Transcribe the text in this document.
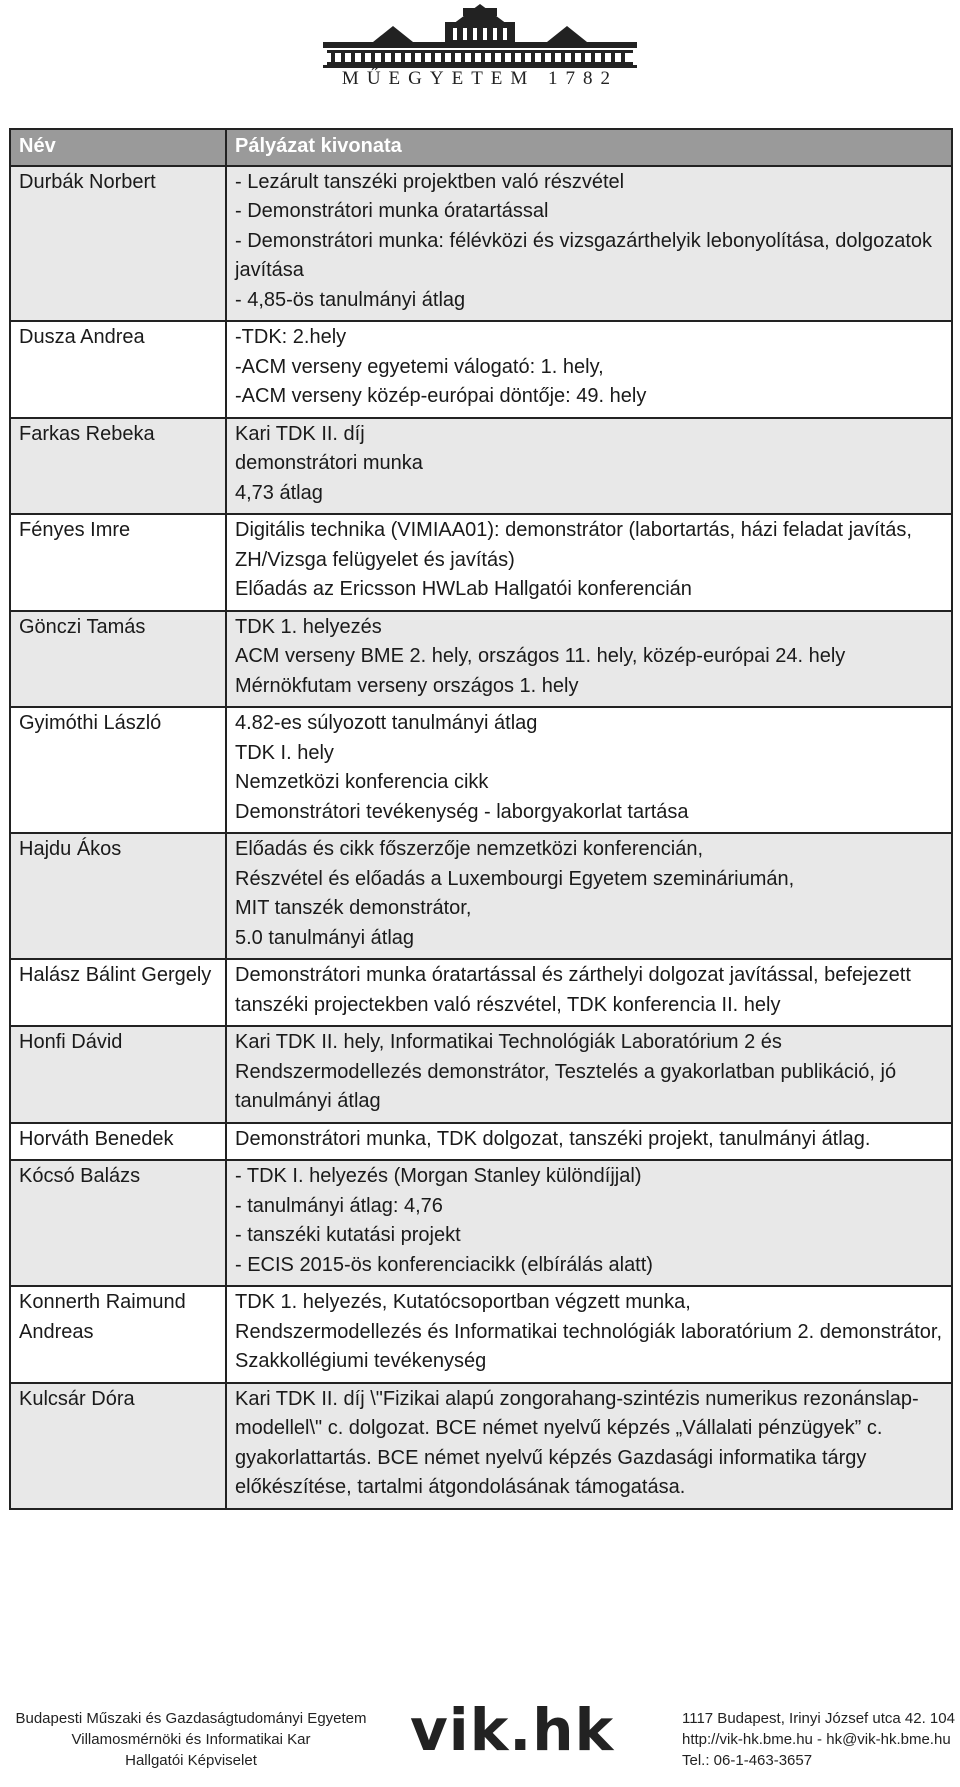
MŰEGYETEM 1782
Név	Pályázat kivonata
Durbák Norbert	- Lezárult tanszéki projektben való részvétel
- Demonstrátori munka óratartással
- Demonstrátori munka: félévközi és vizsgazárthelyik lebonyolítása, dolgozatok javítása
- 4,85-ös tanulmányi átlag
Dusza Andrea	-TDK: 2.hely
-ACM verseny egyetemi válogató: 1. hely,
-ACM verseny közép-európai döntője: 49. hely
Farkas Rebeka	Kari TDK II. díj
demonstrátori munka
4,73 átlag
Fényes Imre	Digitális technika (VIMIAA01): demonstrátor (labortartás, házi feladat javítás, ZH/Vizsga felügyelet és javítás)
Előadás az Ericsson HWLab Hallgatói konferencián
Gönczi Tamás	TDK 1. helyezés
ACM verseny BME 2. hely, országos 11. hely, közép-európai 24. hely
Mérnökfutam verseny országos 1. hely
Gyimóthi László	4.82-es súlyozott tanulmányi átlag
TDK I. hely
Nemzetközi konferencia cikk
Demonstrátori tevékenység - laborgyakorlat tartása
Hajdu Ákos	Előadás és cikk főszerzője nemzetközi konferencián,
Részvétel és előadás a Luxembourgi Egyetem szemináriumán,
MIT tanszék demonstrátor,
5.0 tanulmányi átlag
Halász Bálint Gergely	Demonstrátori munka óratartással és zárthelyi dolgozat javítással, befejezett tanszéki projectekben való részvétel, TDK konferencia II. hely
Honfi Dávid	Kari TDK II. hely, Informatikai Technológiák Laboratórium 2 és Rendszermodellezés demonstrátor, Tesztelés a gyakorlatban publikáció, jó tanulmányi átlag
Horváth Benedek	Demonstrátori munka, TDK dolgozat, tanszéki projekt, tanulmányi átlag.
Kócsó Balázs	- TDK I. helyezés (Morgan Stanley különdíjjal)
- tanulmányi átlag: 4,76
- tanszéki kutatási projekt
- ECIS 2015-ös konferenciacikk (elbírálás alatt)
Konnerth Raimund Andreas	TDK 1. helyezés, Kutatócsoportban végzett munka,
Rendszermodellezés és Informatikai technológiák laboratórium 2. demonstrátor, Szakkollégiumi tevékenység
Kulcsár Dóra	Kari TDK II. díj \"Fizikai alapú zongorahang-szintézis numerikus rezonánslap-modellel\" c. dolgozat. BCE német nyelvű képzés „Vállalati pénzügyek” c. gyakorlattartás. BCE német nyelvű képzés Gazdasági informatika tárgy előkészítése, tartalmi átgondolásának támogatása.
Budapesti Műszaki és Gazdaságtudományi Egyetem
Villamosmérnöki és Informatikai Kar
Hallgatói Képviselet	vik.hk	1117 Budapest, Irinyi József utca 42. 104
http://vik-hk.bme.hu - hk@vik-hk.bme.hu
Tel.: 06-1-463-3657
